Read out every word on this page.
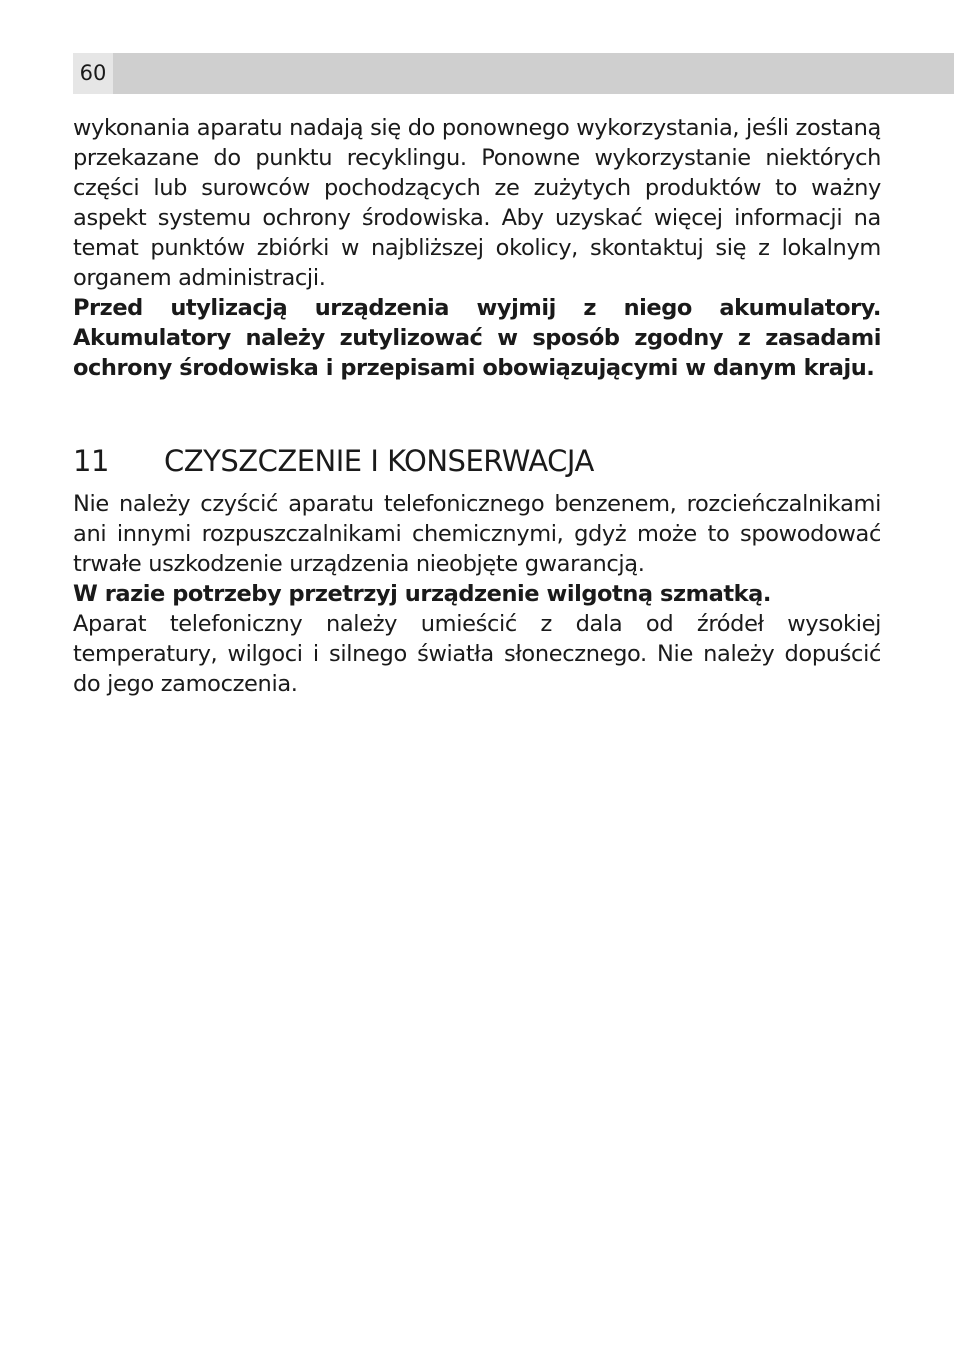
60

wykonania aparatu nadają się do ponownego wykorzystania, jeśli zostaną przekazane do punktu recyklingu. Ponowne wykorzystanie niektórych części lub surowców pochodzących ze zużytych produktów to ważny aspekt systemu ochrony środowiska. Aby uzyskać więcej informacji na temat punktów zbiórki w najbliższej okolicy, skontaktuj się z lokalnym organem administracji.

Przed utylizacją urządzenia wyjmij z niego akumulatory. Akumulatory należy zutylizować w sposób zgodny z zasadami ochrony środowiska i przepisami obowiązującymi w danym kraju.

11	CZYSZCZENIE I KONSERWACJA

Nie należy czyścić aparatu telefonicznego benzenem, rozcieńczalnikami ani innymi rozpuszczalnikami chemicznymi, gdyż może to spowodować trwałe uszkodzenie urządzenia nieobjęte gwarancją.

W razie potrzeby przetrzyj urządzenie wilgotną szmatką.

Aparat telefoniczny należy umieścić z dala od źródeł wysokiej temperatury, wilgoci i silnego światła słonecznego. Nie należy dopuścić do jego zamoczenia.
